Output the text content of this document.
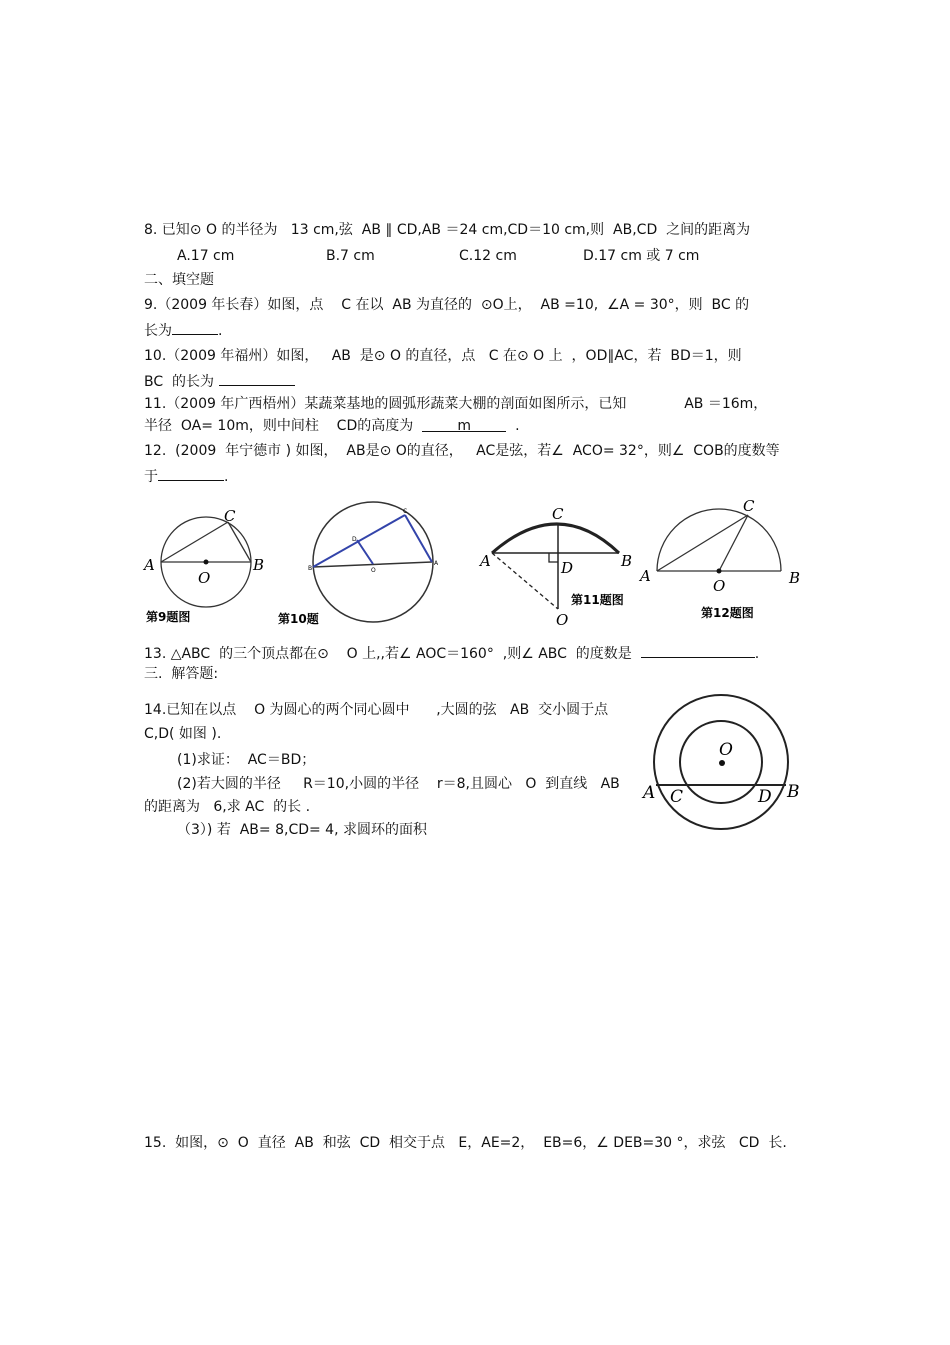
8. 已知⊙ O 的半径为   13 cm,弦  AB ∥ CD,AB ＝24 cm,CD＝10 cm,则  AB,CD  之间的距离为
A.17 cm	B.7 cm	C.12 cm	D.17 cm 或 7 cm
二、填空题
9.（2009 年长春）如图，点    C 在以  AB 为直径的  ⊙O上，  AB =10,  ∠A = 30°，则  BC 的
长为	.
10.（2009 年福州）如图，   AB  是⊙ O 的直径，点   C 在⊙ O 上  ，OD∥AC，若  BD＝1，则
BC  的长为
11.（2009 年广西梧州）某蔬菜基地的圆弧形蔬菜大棚的剖面如图所示，已知             AB ＝16m，
半径  OA= 10m，则中间柱    CD的高度为	m	.
12.  (2009  年宁德市 ) 如图，  AB是⊙ O的直径，   AC是弦，若∠  ACO= 32°，则∠  COB的度数等
于	.
A	B
C
O
第9题图
B
A
C
D
O
第10题
A	B
C
D
O
第11题图
A	B
C
O
第12题图
O
A C	D B
13. △ABC  的三个顶点都在⊙    O 上,,若∠ AOC＝160°  ,则∠ ABC  的度数是	.
三.  解答题:
14.已知在以点    O 为圆心的两个同心圆中      ,大圆的弦   AB  交小圆于点
C,D( 如图 ).
(1)求证：  AC＝BD；
(2)若大圆的半径     R＝10,小圆的半径    r＝8,且圆心   O  到直线   AB
的距离为   6,求 AC  的长 .
（3）) 若  AB= 8,CD= 4, 求圆环的面积
15.  如图，⊙  O  直径  AB  和弦  CD  相交于点   E，AE=2，  EB=6，∠ DEB=30 °，求弦   CD  长.
